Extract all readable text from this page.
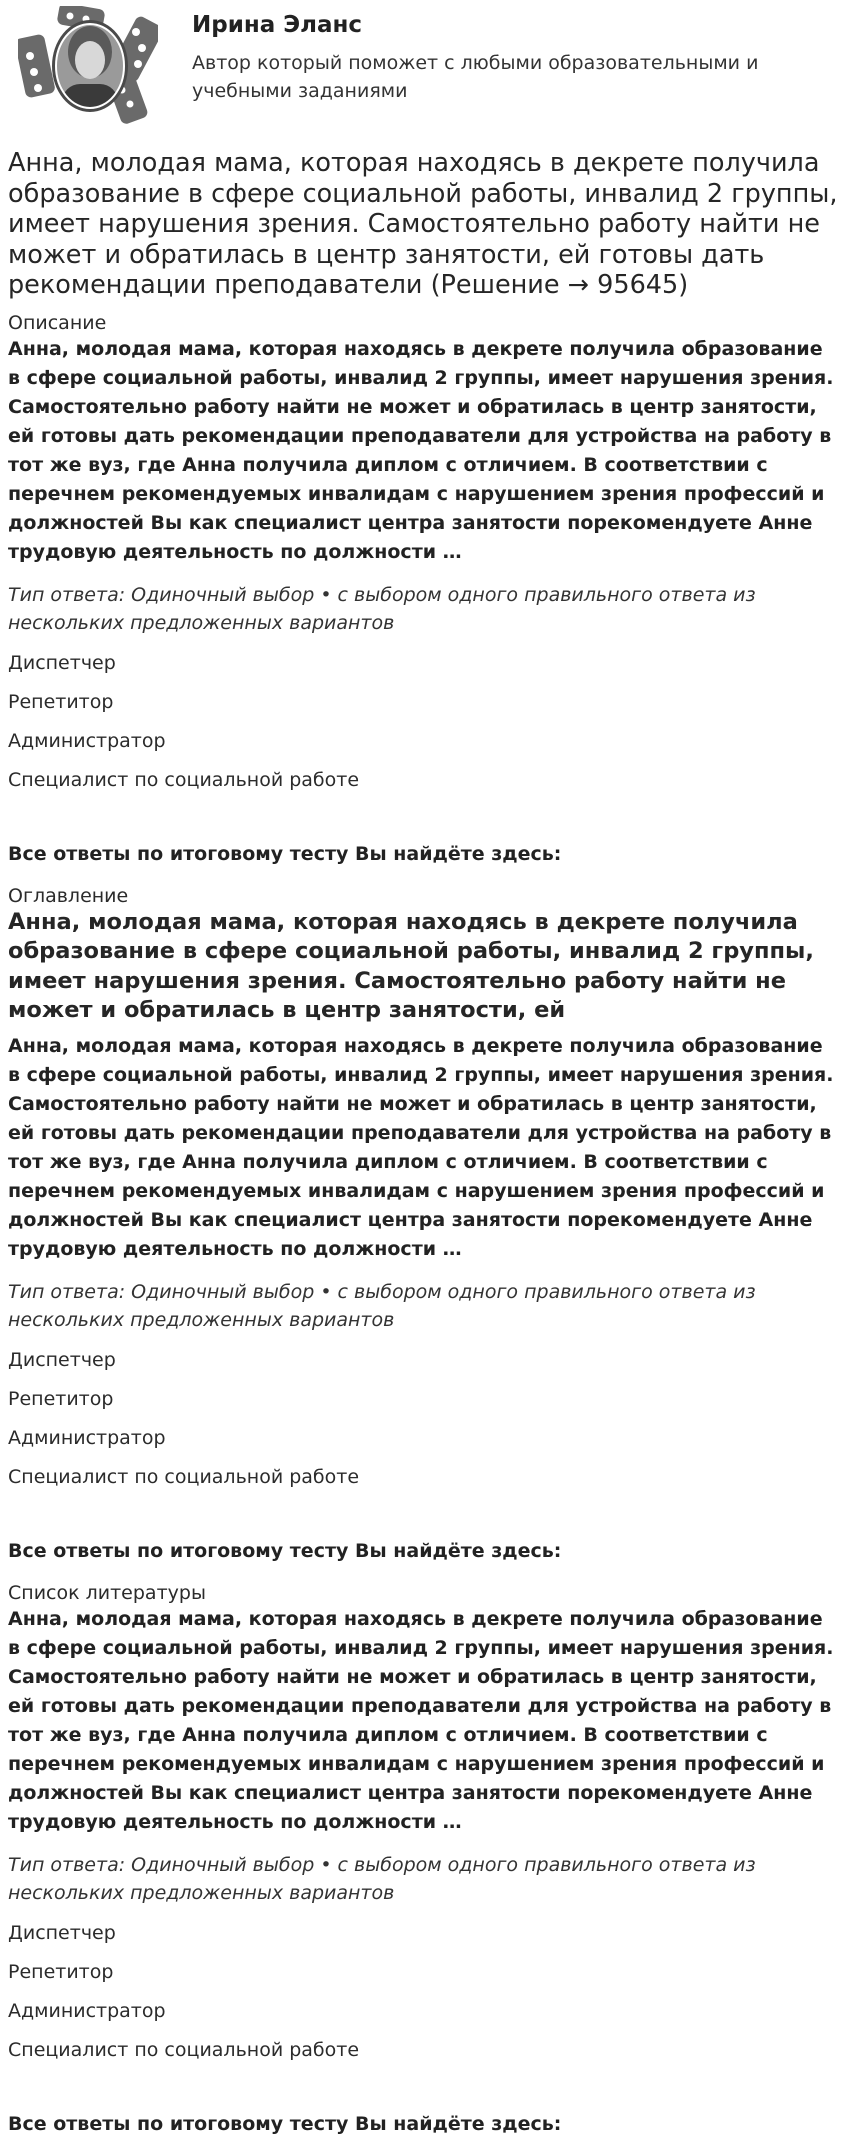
Ирина Эланс

Автор который поможет с любыми образовательными и учебными заданиями

Анна, молодая мама, которая находясь в декрете получила образование в сфере социальной работы, инвалид 2 группы, имеет нарушения зрения. Самостоятельно работу найти не может и обратилась в центр занятости, ей готовы дать рекомендации преподаватели (Решение → 95645)

Описание

Анна, молодая мама, которая находясь в декрете получила образование в сфере социальной работы, инвалид 2 группы, имеет нарушения зрения. Самостоятельно работу найти не может и обратилась в центр занятости, ей готовы дать рекомендации преподаватели для устройства на работу в тот же вуз, где Анна получила диплом с отличием. В соответствии с перечнем рекомендуемых инвалидам с нарушением зрения профессий и должностей Вы как специалист центра занятости порекомендуете Анне трудовую деятельность по должности …

Тип ответа: Одиночный выбор • с выбором одного правильного ответа из нескольких предложенных вариантов

Диспетчер
Репетитор
Администратор
Специалист по социальной работе

Все ответы по итоговому тесту Вы найдёте здесь:

Оглавление

Анна, молодая мама, которая находясь в декрете получила образование в сфере социальной работы, инвалид 2 группы, имеет нарушения зрения. Самостоятельно работу найти не может и обратилась в центр занятости, ей

Анна, молодая мама, которая находясь в декрете получила образование в сфере социальной работы, инвалид 2 группы, имеет нарушения зрения. Самостоятельно работу найти не может и обратилась в центр занятости, ей готовы дать рекомендации преподаватели для устройства на работу в тот же вуз, где Анна получила диплом с отличием. В соответствии с перечнем рекомендуемых инвалидам с нарушением зрения профессий и должностей Вы как специалист центра занятости порекомендуете Анне трудовую деятельность по должности …

Тип ответа: Одиночный выбор • с выбором одного правильного ответа из нескольких предложенных вариантов

Диспетчер
Репетитор
Администратор
Специалист по социальной работе

Все ответы по итоговому тесту Вы найдёте здесь:

Список литературы

Анна, молодая мама, которая находясь в декрете получила образование в сфере социальной работы, инвалид 2 группы, имеет нарушения зрения. Самостоятельно работу найти не может и обратилась в центр занятости, ей готовы дать рекомендации преподаватели для устройства на работу в тот же вуз, где Анна получила диплом с отличием. В соответствии с перечнем рекомендуемых инвалидам с нарушением зрения профессий и должностей Вы как специалист центра занятости порекомендуете Анне трудовую деятельность по должности …

Тип ответа: Одиночный выбор • с выбором одного правильного ответа из нескольких предложенных вариантов

Диспетчер
Репетитор
Администратор
Специалист по социальной работе

Все ответы по итоговому тесту Вы найдёте здесь:
